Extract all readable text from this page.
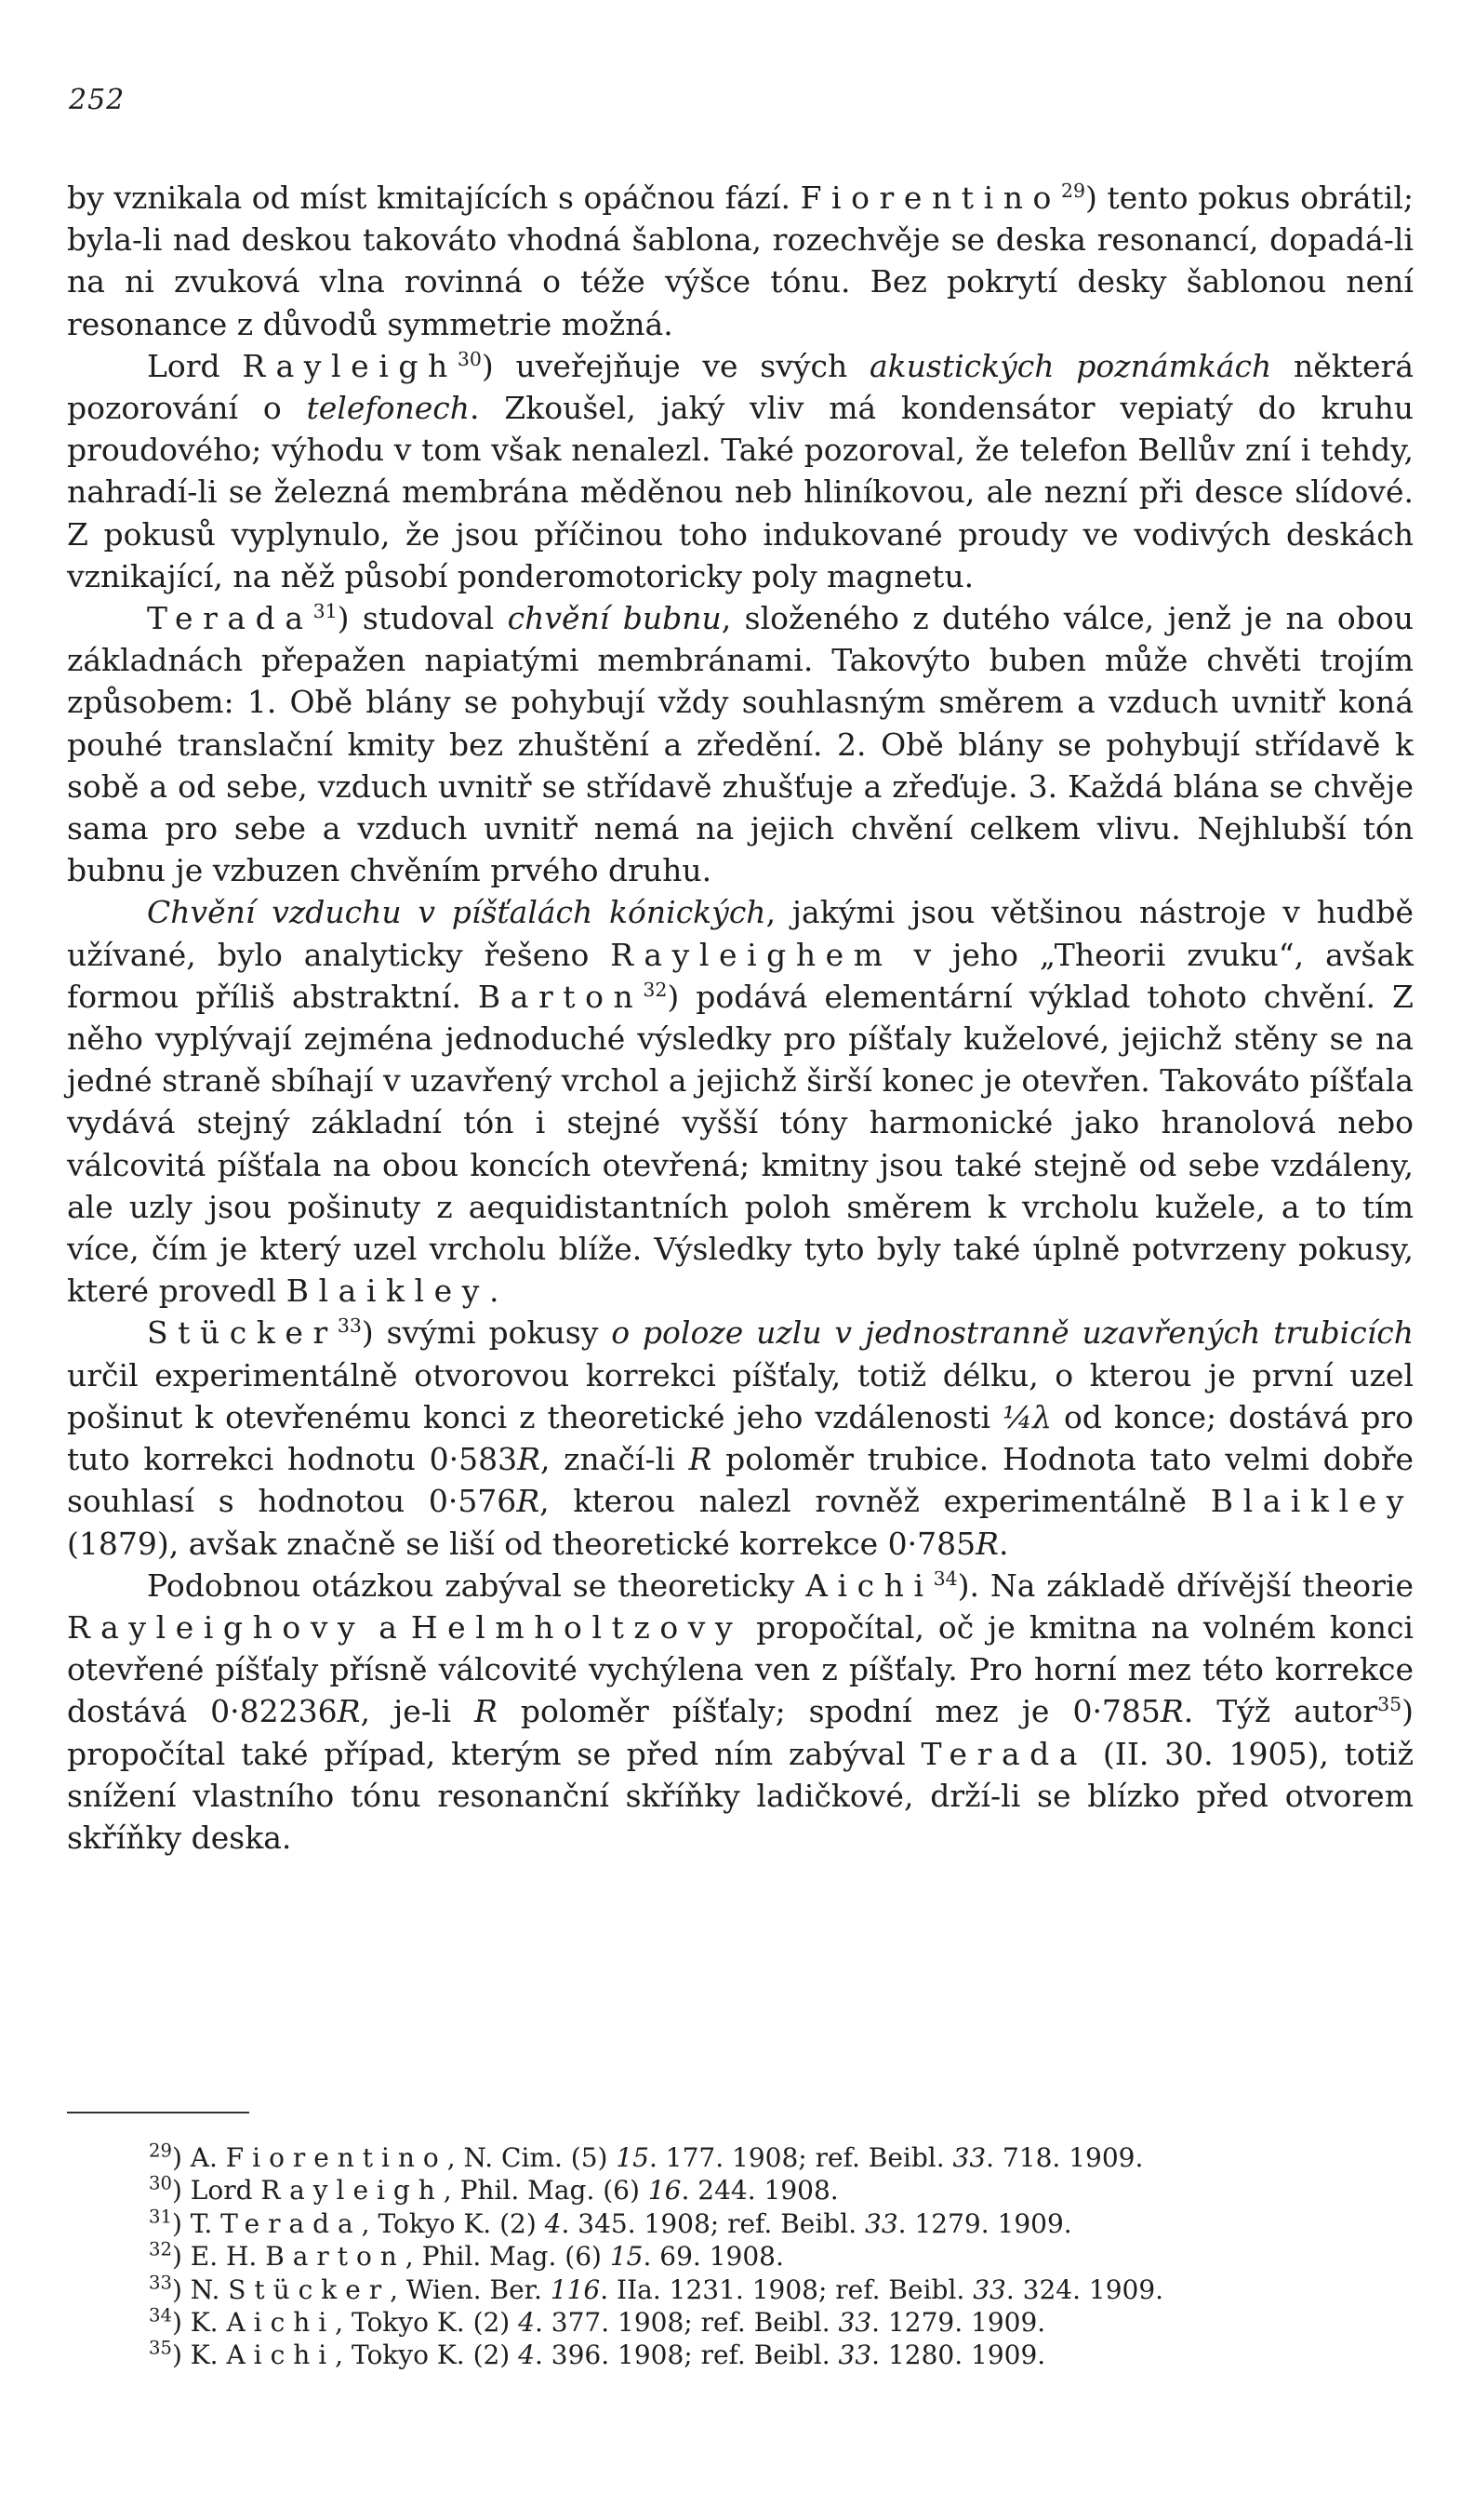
252

by vznikala od míst kmitajících s opáčnou fází. Fiorentino$^{29}$) tento pokus obrátil; byla-li nad deskou takováto vhodná šablona, rozechvěje se deska resonancí, dopadá-li na ni zvuková vlna rovinná o téže výšce tónu. Bez pokrytí desky šablonou není resonance z důvodů symmetrie možná.

Lord Rayleigh$^{30}$) uveřejňuje ve svých akustických poznámkách některá pozorování o telefonech. Zkoušel, jaký vliv má kondensátor vepiatý do kruhu proudového; výhodu v tom však nenalezl. Také pozoroval, že telefon Bellův zní i tehdy, nahradí-li se železná membrána měděnou neb hliníkovou, ale nezní při desce slídové. Z pokusů vyplynulo, že jsou příčinou toho indukované proudy ve vodivých deskách vznikající, na něž působí ponderomotoricky poly magnetu.

Terada$^{31}$) studoval chvění bubnu, složeného z dutého válce, jenž je na obou základnách přepažen napiatými membránami. Takovýto buben může chvěti trojím způsobem: 1. Obě blány se pohybují vždy souhlasným směrem a vzduch uvnitř koná pouhé translační kmity bez zhuštění a zředění. 2. Obě blány se pohybují střídavě k sobě a od sebe, vzduch uvnitř se střídavě zhušťuje a zřeďuje. 3. Každá blána se chvěje sama pro sebe a vzduch uvnitř nemá na jejich chvění celkem vlivu. Nejhlubší tón bubnu je vzbuzen chvěním prvého druhu.

Chvění vzduchu v píšťalách kónických, jakými jsou většinou nástroje v hudbě užívané, bylo analyticky řešeno Rayleighem v jeho „Theorii zvuku“, avšak formou příliš abstraktní. Barton$^{32}$) podává elementární výklad tohoto chvění. Z něho vyplývají zejména jednoduché výsledky pro píšťaly kuželové, jejichž stěny se na jedné straně sbíhají v uzavřený vrchol a jejichž širší konec je otevřen. Takováto píšťala vydává stejný základní tón i stejné vyšší tóny harmonické jako hranolová nebo válcovitá píšťala na obou koncích otevřená; kmitny jsou také stejně od sebe vzdáleny, ale uzly jsou pošinuty z aequidistantních poloh směrem k vrcholu kužele, a to tím více, čím je který uzel vrcholu blíže. Výsledky tyto byly také úplně potvrzeny pokusy, které provedl Blaikley.

Stücker$^{33}$) svými pokusy o poloze uzlu v jednostranně uzavřených trubicích určil experimentálně otvorovou korrekci píšťaly, totiž délku, o kterou je první uzel pošinut k otevřenému konci z theoretické jeho vzdálenosti ¼λ od konce; dostává pro tuto korrekci hodnotu 0·583R, značí-li R poloměr trubice. Hodnota tato velmi dobře souhlasí s hodnotou 0·576R, kterou nalezl rovněž experimentálně Blaikley (1879), avšak značně se liší od theoretické korrekce 0·785R.

Podobnou otázkou zabýval se theoreticky Aichi$^{34}$). Na základě dřívější theorie Rayleighovy a Helmholtzovy propočítal, oč je kmitna na volném konci otevřené píšťaly přísně válcovité vychýlena ven z píšťaly. Pro horní mez této korrekce dostává 0·82236R, je-li R poloměr píšťaly; spodní mez je 0·785R. Týž autor$^{35}$) propočítal také případ, kterým se před ním zabýval Terada (II. 30. 1905), totiž snížení vlastního tónu resonanční skříňky ladičkové, drží-li se blízko před otvorem skříňky deska.

$^{29}$) A. Fiorentino, N. Cim. (5) 15. 177. 1908; ref. Beibl. 33. 718. 1909.
$^{30}$) Lord Rayleigh, Phil. Mag. (6) 16. 244. 1908.
$^{31}$) T. Terada, Tokyo K. (2) 4. 345. 1908; ref. Beibl. 33. 1279. 1909.
$^{32}$) E. H. Barton, Phil. Mag. (6) 15. 69. 1908.
$^{33}$) N. Stücker, Wien. Ber. 116. IIa. 1231. 1908; ref. Beibl. 33. 324. 1909.
$^{34}$) K. Aichi, Tokyo K. (2) 4. 377. 1908; ref. Beibl. 33. 1279. 1909.
$^{35}$) K. Aichi, Tokyo K. (2) 4. 396. 1908; ref. Beibl. 33. 1280. 1909.
